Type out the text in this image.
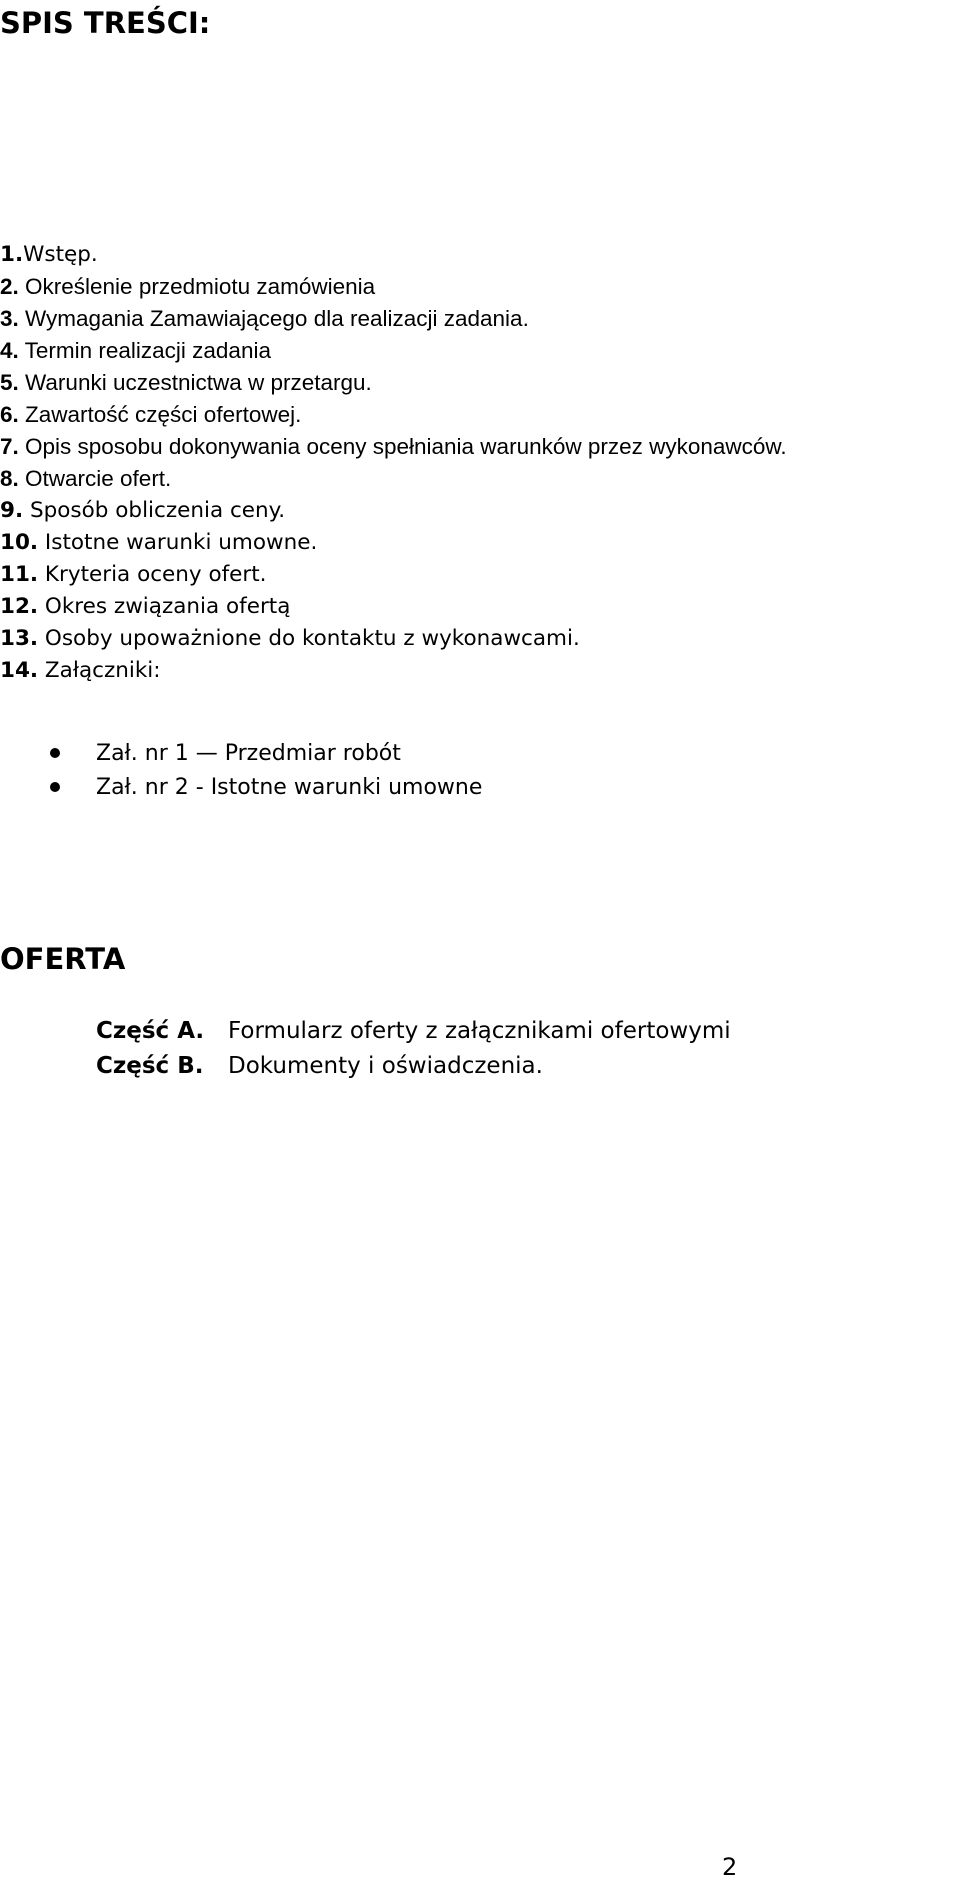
SPIS TREŚCI:
1.Wstęp.
2. Określenie przedmiotu zamówienia
3. Wymagania Zamawiającego dla realizacji zadania.
4. Termin realizacji zadania
5. Warunki uczestnictwa w przetargu.
6. Zawartość części ofertowej.
7. Opis sposobu dokonywania oceny spełniania warunków przez wykonawców.
8. Otwarcie ofert.
9. Sposób obliczenia ceny.
10. Istotne warunki umowne.
11. Kryteria oceny ofert.
12. Okres związania ofertą
13. Osoby upoważnione do kontaktu z wykonawcami.
14. Załączniki:
Zał. nr 1 — Przedmiar robót
Zał. nr 2 - Istotne warunki umowne
OFERTA
Część A. Formularz oferty z załącznikami ofertowymi
Część B. Dokumenty i oświadczenia.
2
